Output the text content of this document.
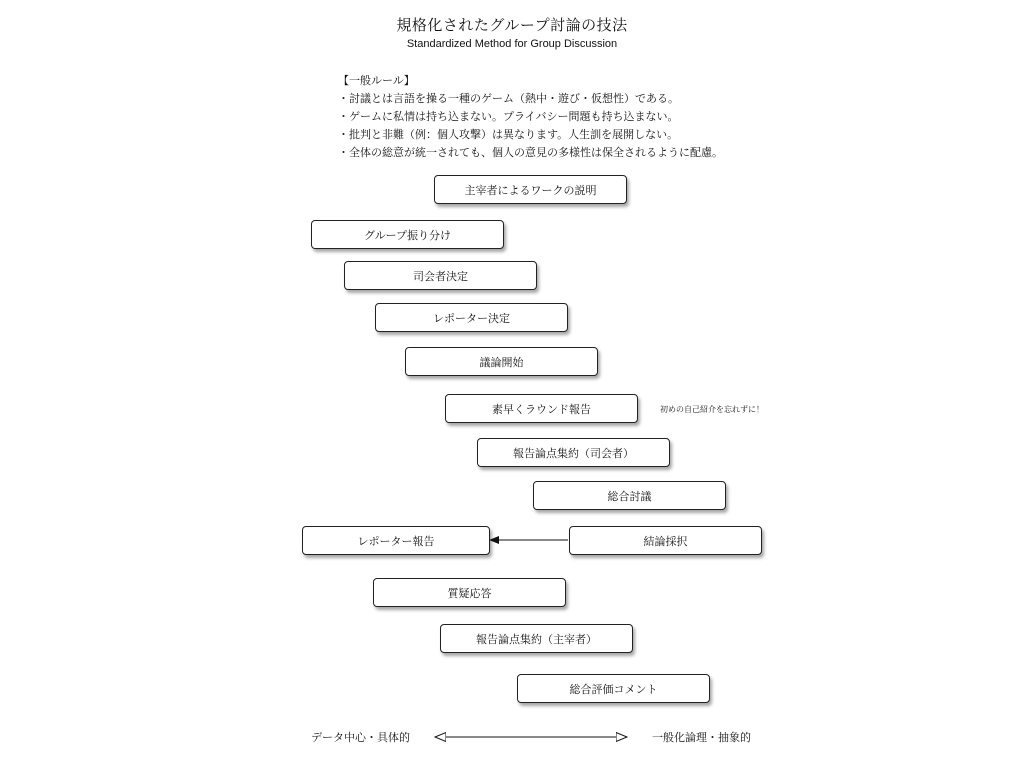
規格化されたグループ討論の技法
Standardized Method for Group Discussion
【一般ルール】
・討議とは言語を操る一種のゲーム（熱中・遊び・仮想性）である。
・ゲームに私情は持ち込まない。プライバシー問題も持ち込まない。
・批判と非難（例：個人攻撃）は異なります。人生訓を展開しない。
・全体の総意が統一されても、個人の意見の多様性は保全されるように配慮。
主宰者によるワークの説明
グループ振り分け
司会者決定
レポーター決定
議論開始
素早くラウンド報告
報告論点集約（司会者）
総合討議
結論採択
レポーター報告
質疑応答
報告論点集約（主宰者）
総合評価コメント
初めの自己紹介を忘れずに！
データ中心・具体的	一般化論理・抽象的
